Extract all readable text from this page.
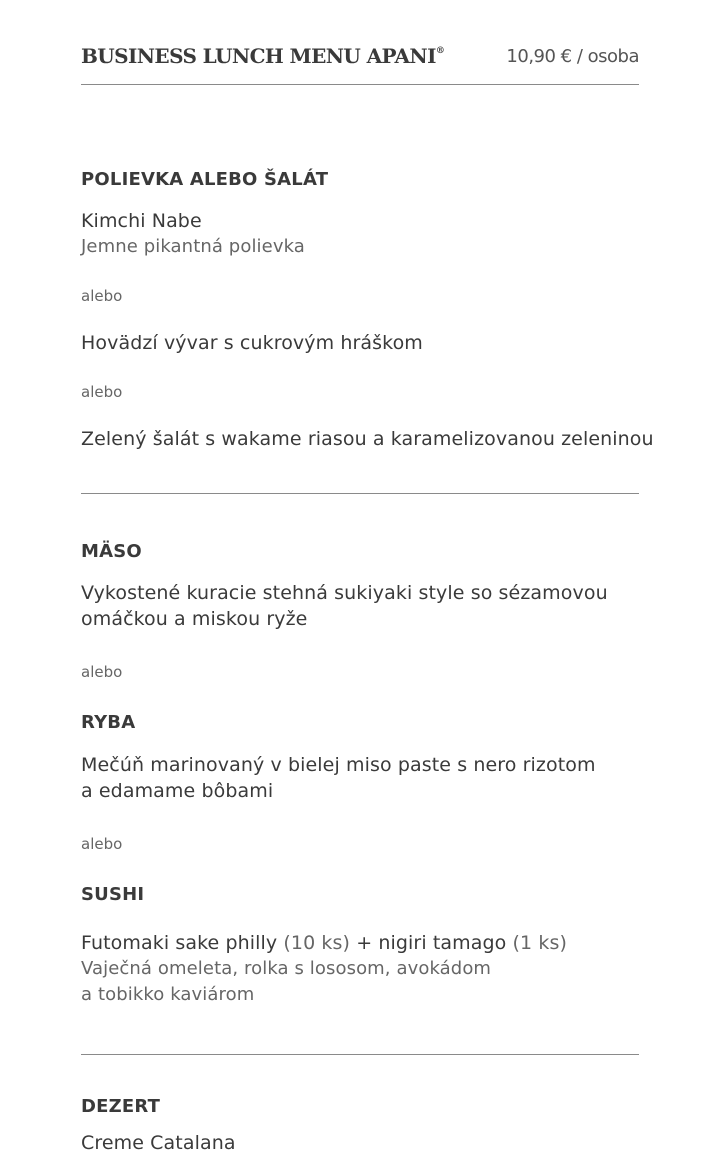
BUSINESS LUNCH MENU APANI®	10,90 € / osoba
POLIEVKA ALEBO ŠALÁT
Kimchi Nabe
Jemne pikantná polievka
alebo
Hovädzí vývar s cukrovým hráškom
alebo
Zelený šalát s wakame riasou a karamelizovanou zeleninou
MÄSO
Vykostené kuracie stehná sukiyaki style so sézamovou
omáčkou a miskou ryže
alebo
RYBA
Mečúň marinovaný v bielej miso paste s nero rizotom
a edamame bôbami
alebo
SUSHI
Futomaki sake philly (10 ks) + nigiri tamago (1 ks)
Vaječná omeleta, rolka s lososom, avokádom
a tobikko kaviárom
DEZERT
Creme Catalana
